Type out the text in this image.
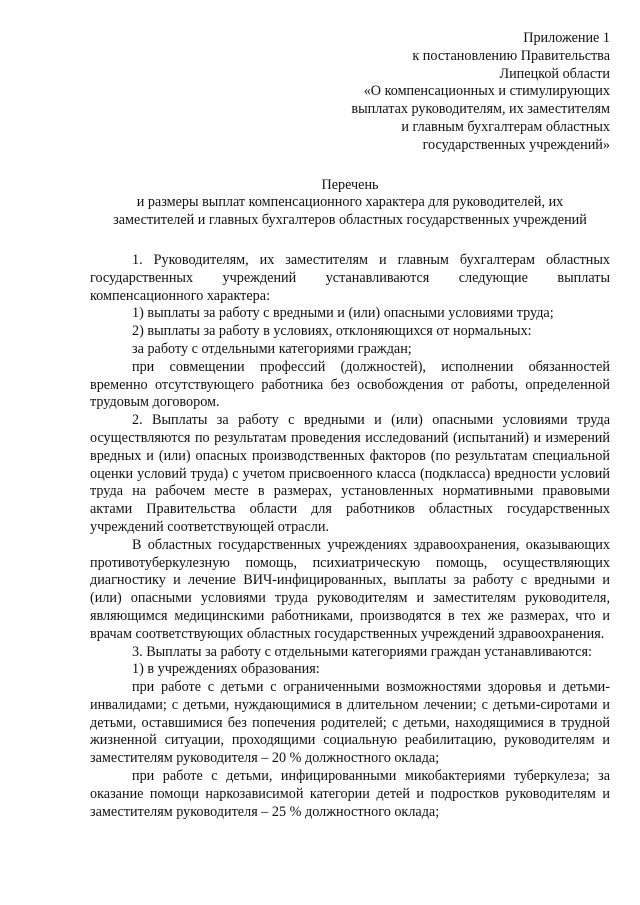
Приложение 1
к постановлению Правительства
Липецкой области
«О компенсационных и стимулирующих
выплатах руководителям, их заместителям
и главным бухгалтерам областных
государственных учреждений»
Перечень
и размеры выплат компенсационного характера для руководителей, их
заместителей и главных бухгалтеров областных государственных учреждений

1. Руководителям, их заместителям и главным бухгалтерам областных государственных учреждений устанавливаются следующие выплаты компенсационного характера:

1) выплаты за работу с вредными и (или) опасными условиями труда;

2) выплаты за работу в условиях, отклоняющихся от нормальных:

за работу с отдельными категориями граждан;

при совмещении профессий (должностей), исполнении обязанностей временно отсутствующего работника без освобождения от работы, определенной трудовым договором.

2. Выплаты за работу с вредными и (или) опасными условиями труда осуществляются по результатам проведения исследований (испытаний) и измерений вредных и (или) опасных производственных факторов (по результатам специальной оценки условий труда) с учетом присвоенного класса (подкласса) вредности условий труда на рабочем месте в размерах, установленных нормативными правовыми актами Правительства области для работников областных государственных учреждений соответствующей отрасли.

В областных государственных учреждениях здравоохранения, оказывающих противотуберкулезную помощь, психиатрическую помощь, осуществляющих диагностику и лечение ВИЧ-инфицированных, выплаты за работу с вредными и (или) опасными условиями труда руководителям и заместителям руководителя, являющимся медицинскими работниками, производятся в тех же размерах, что и врачам соответствующих областных государственных учреждений здравоохранения.

3. Выплаты за работу с отдельными категориями граждан устанавливаются:

1) в учреждениях образования:

при работе с детьми с ограниченными возможностями здоровья и детьми-инвалидами; с детьми, нуждающимися в длительном лечении; с детьми-сиротами и детьми, оставшимися без попечения родителей; с детьми, находящимися в трудной жизненной ситуации, проходящими социальную реабилитацию, руководителям и заместителям руководителя – 20 % должностного оклада;

при работе с детьми, инфицированными микобактериями туберкулеза; за оказание помощи наркозависимой категории детей и подростков руководителям и заместителям руководителя – 25 % должностного оклада;
